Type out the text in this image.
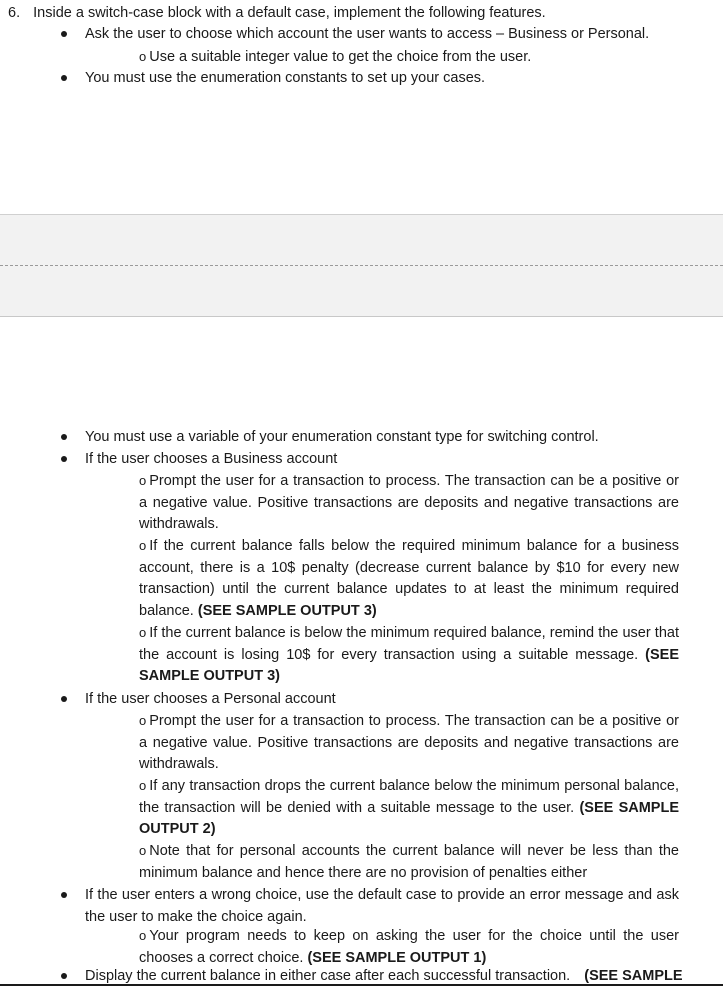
6. Inside a switch-case block with a default case, implement the following features.
Ask the user to choose which account the user wants to access – Business or Personal.
o Use a suitable integer value to get the choice from the user.
You must use the enumeration constants to set up your cases.
You must use a variable of your enumeration constant type for switching control.
If the user chooses a Business account
o Prompt the user for a transaction to process. The transaction can be a positive or a negative value. Positive transactions are deposits and negative transactions are withdrawals.
o If the current balance falls below the required minimum balance for a business account, there is a 10$ penalty (decrease current balance by $10 for every new transaction) until the current balance updates to at least the minimum required balance. (SEE SAMPLE OUTPUT 3)
o If the current balance is below the minimum required balance, remind the user that the account is losing 10$ for every transaction using a suitable message. (SEE SAMPLE OUTPUT 3)
If the user chooses a Personal account
o Prompt the user for a transaction to process. The transaction can be a positive or a negative value. Positive transactions are deposits and negative transactions are withdrawals.
o If any transaction drops the current balance below the minimum personal balance, the transaction will be denied with a suitable message to the user. (SEE SAMPLE OUTPUT 2)
o Note that for personal accounts the current balance will never be less than the minimum balance and hence there are no provision of penalties either
If the user enters a wrong choice, use the default case to provide an error message and ask the user to make the choice again.
o Your program needs to keep on asking the user for the choice until the user chooses a correct choice. (SEE SAMPLE OUTPUT 1)
Display the current balance in either case after each successful transaction. (SEE SAMPLE
